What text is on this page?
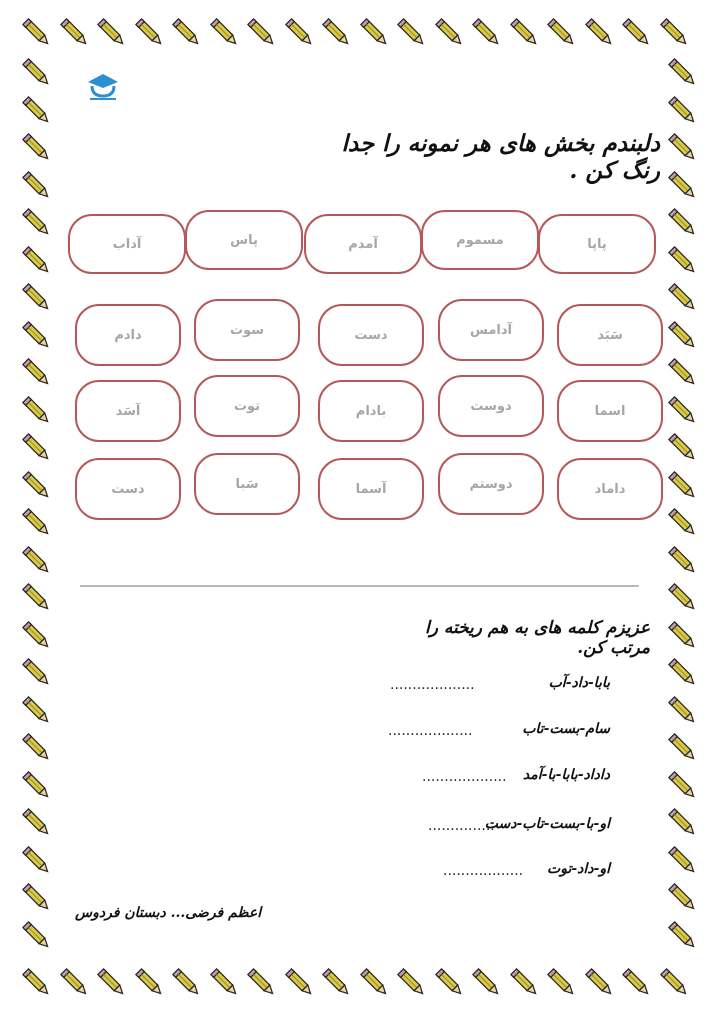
دلبندم بخش های هر نمونه را جدا رنگ کن .
پاپا
مسموم
آمدم
پاس
آداب
سَبَد
آدامس
دست
سوت
دادم
اسما
دوست
بادام
توت
آسَد
داماد
دوستم
آسما
سَبا
دست
عزیزم کلمه های به هم ریخته را مرتب کن.
بابا-داد-آب
...................
سام-بست-تاب
...................
داداد-بابا-با-آمد
...................
او-با-بست-تاب-دست
...............
او-داد-توت
..................
اعظم فرضی... دبستان فردوس
